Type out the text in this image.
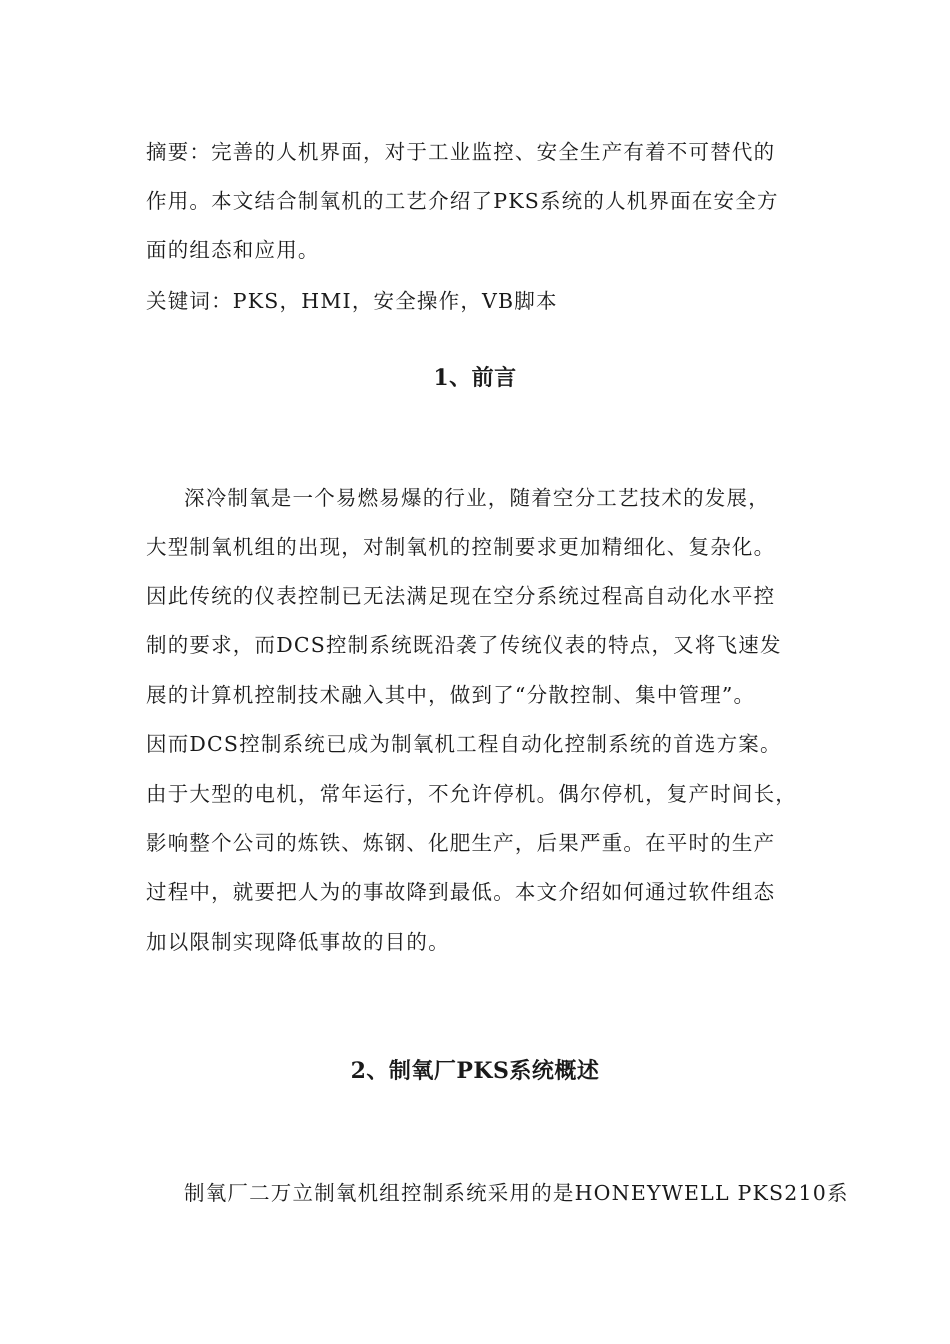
摘要：完善的人机界面，对于工业监控、安全生产有着不可替代的
作用。本文结合制氧机的工艺介绍了PKS系统的人机界面在安全方
面的组态和应用。
关键词：PKS，HMI，安全操作，VB脚本
1、前言
深冷制氧是一个易燃易爆的行业，随着空分工艺技术的发展，
大型制氧机组的出现，对制氧机的控制要求更加精细化、复杂化。
因此传统的仪表控制已无法满足现在空分系统过程高自动化水平控
制的要求，而DCS控制系统既沿袭了传统仪表的特点，又将飞速发
展的计算机控制技术融入其中，做到了“分散控制、集中管理”。
因而DCS控制系统已成为制氧机工程自动化控制系统的首选方案。
由于大型的电机，常年运行，不允许停机。偶尔停机，复产时间长，
影响整个公司的炼铁、炼钢、化肥生产，后果严重。在平时的生产
过程中，就要把人为的事故降到最低。本文介绍如何通过软件组态
加以限制实现降低事故的目的。
2、制氧厂PKS系统概述
制氧厂二万立制氧机组控制系统采用的是HONEYWELL PKS210系
